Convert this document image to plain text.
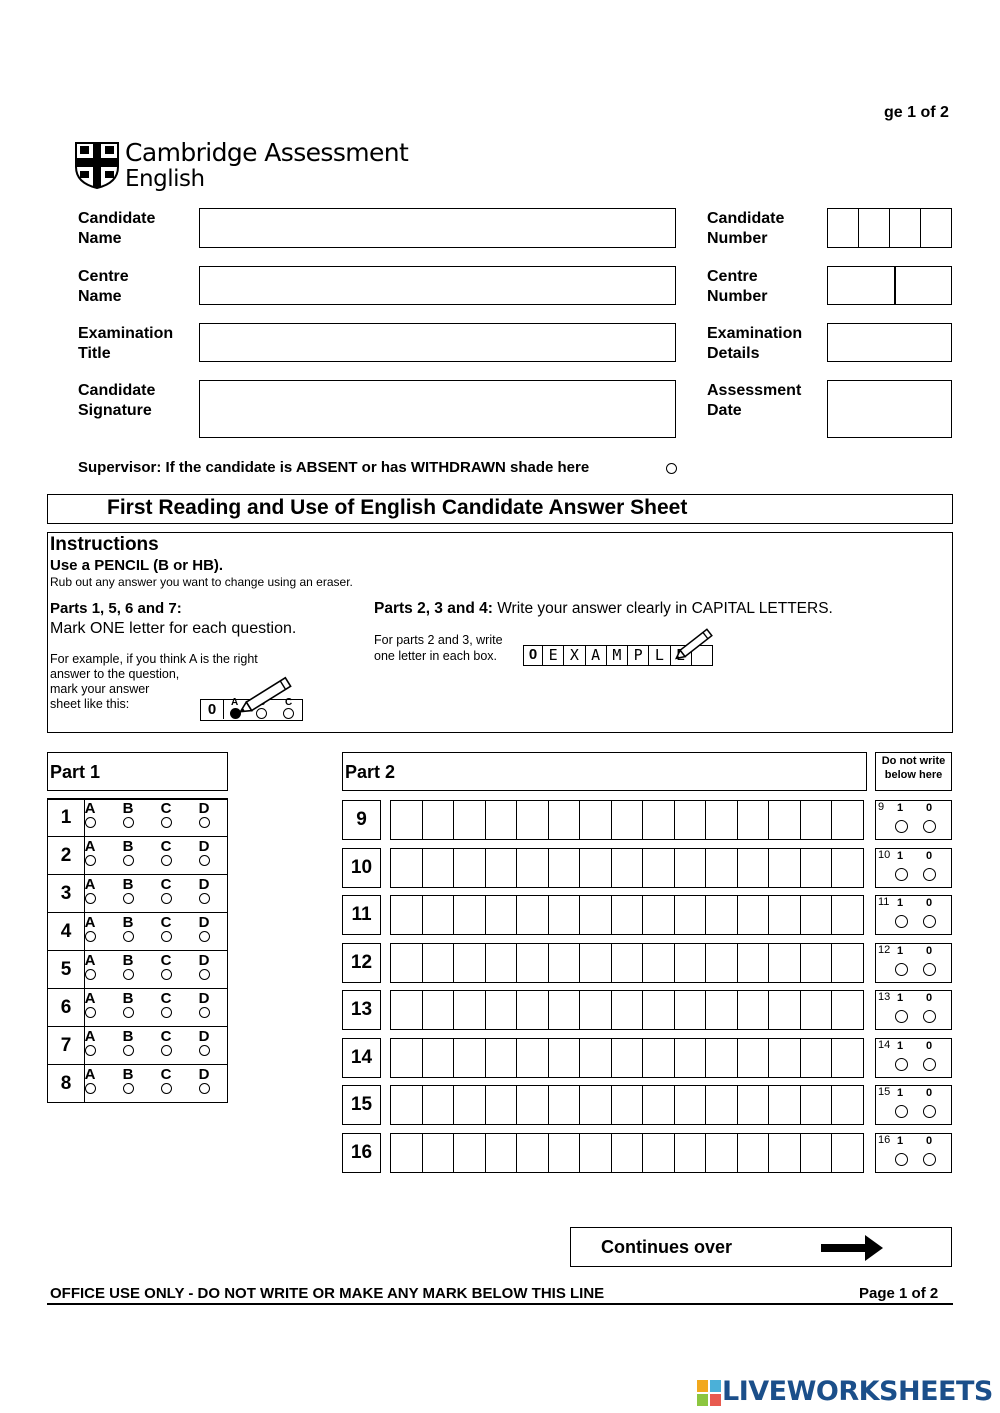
ge 1 of 2
Cambridge Assessment
English
Candidate
Name
Centre
Name
Examination
Title
Candidate
Signature
Candidate
Number
Centre
Number
Examination
Details
Assessment
Date
Supervisor: If the candidate is ABSENT or has WITHDRAWN shade here
First Reading and Use of English Candidate Answer Sheet
Instructions
Use a PENCIL (B or HB).
Rub out any answer you want to change using an eraser.
Parts 1, 5, 6 and 7:
Mark ONE letter for each question.
For example, if you think A is the right
answer to the question,
mark your answer
sheet like this:	0	A	C
Parts 2, 3 and 4: Write your answer clearly in CAPITAL LETTERS.
For parts 2 and 3, write
one letter in each box.	0 E X A M P L
Part 1
1 A	B	C	D
2 A	B	C	D
3 A	B	C	D
4 A	B	C	D
5 A	B	C	D
6 A	B	C	D
7 A	B	C	D
8 A	B	C	D
Part 2
Do not write
below here
9
9 1 0
10
10 1 0
11
11 1 0
12
12 1 0
13
13 1 0
14
14 1 0
15
15 1 0
16
16 1 0
Continues over
OFFICE USE ONLY - DO NOT WRITE OR MAKE ANY MARK BELOW THIS LINE	Page 1 of 2
LIVEWORKSHEETS
